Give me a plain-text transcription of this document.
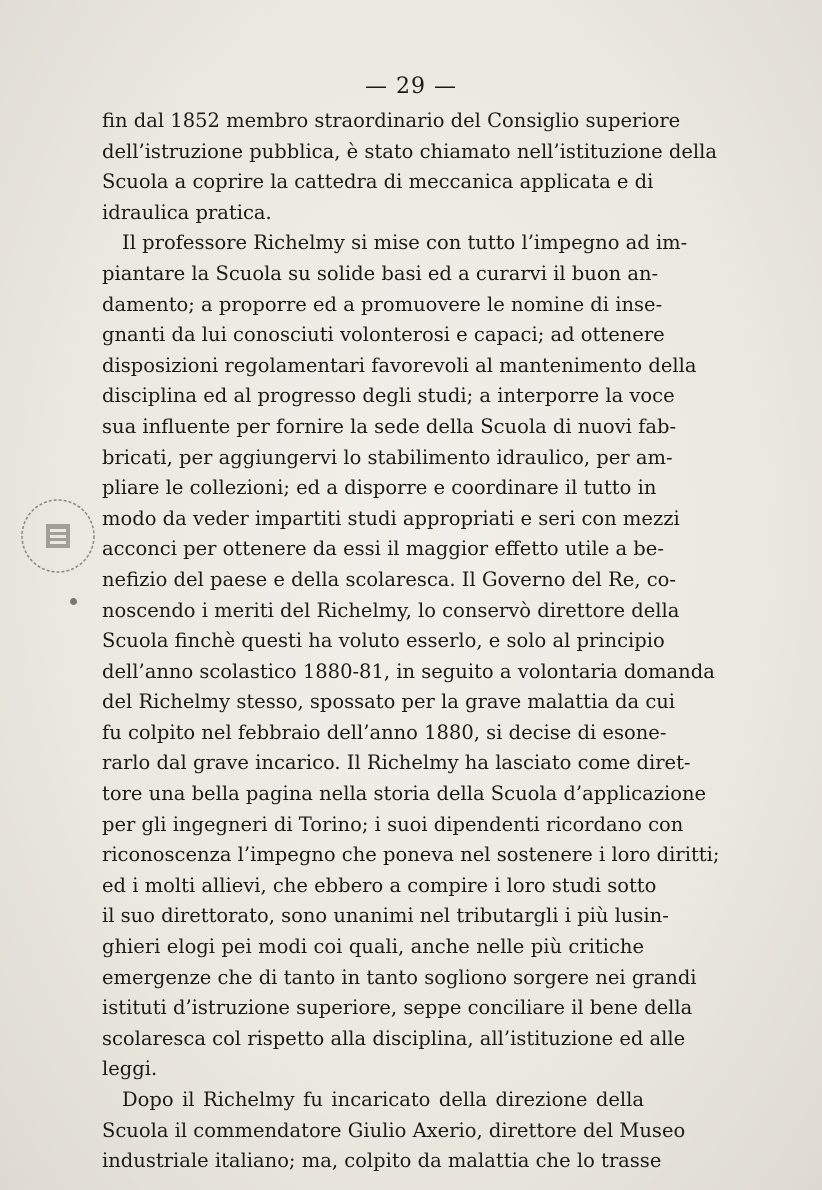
— 29 —
fin dal 1852 membro straordinario del Consiglio superiore
dell’istruzione pubblica, è stato chiamato nell’istituzione della
Scuola a coprire la cattedra di meccanica applicata e di
idraulica pratica.
Il professore Richelmy si mise con tutto l’impegno ad im-
piantare la Scuola su solide basi ed a curarvi il buon an-
damento; a proporre ed a promuovere le nomine di inse-
gnanti da lui conosciuti volonterosi e capaci; ad ottenere
disposizioni regolamentari favorevoli al mantenimento della
disciplina ed al progresso degli studi; a interporre la voce
sua influente per fornire la sede della Scuola di nuovi fab-
bricati, per aggiungervi lo stabilimento idraulico, per am-
pliare le collezioni; ed a disporre e coordinare il tutto in
modo da veder impartiti studi appropriati e seri con mezzi
acconci per ottenere da essi il maggior effetto utile a be-
nefizio del paese e della scolaresca. Il Governo del Re, co-
noscendo i meriti del Richelmy, lo conservò direttore della
Scuola finchè questi ha voluto esserlo, e solo al principio
dell’anno scolastico 1880-81, in seguito a volontaria domanda
del Richelmy stesso, spossato per la grave malattia da cui
fu colpito nel febbraio dell’anno 1880, si decise di esone-
rarlo dal grave incarico. Il Richelmy ha lasciato come diret-
tore una bella pagina nella storia della Scuola d’applicazione
per gli ingegneri di Torino; i suoi dipendenti ricordano con
riconoscenza l’impegno che poneva nel sostenere i loro diritti;
ed i molti allievi, che ebbero a compire i loro studi sotto
il suo direttorato, sono unanimi nel tributargli i più lusin-
ghieri elogi pei modi coi quali, anche nelle più critiche
emergenze che di tanto in tanto sogliono sorgere nei grandi
istituti d’istruzione superiore, seppe conciliare il bene della
scolaresca col rispetto alla disciplina, all’istituzione ed alle
leggi.
Dopo il Richelmy fu incaricato della direzione della
Scuola il commendatore Giulio Axerio, direttore del Museo
industriale italiano; ma, colpito da malattia che lo trasse
